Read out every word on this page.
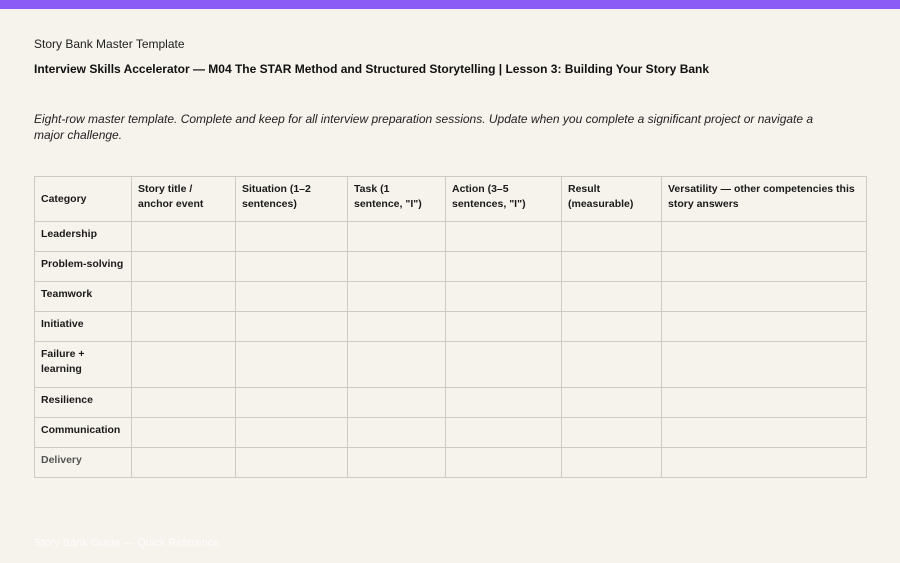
Story Bank Master Template
Interview Skills Accelerator — M04 The STAR Method and Structured Storytelling | Lesson 3: Building Your Story Bank
Eight-row master template. Complete and keep for all interview preparation sessions. Update when you complete a significant project or navigate a major challenge.
Category	Story title / anchor event	Situation (1–2 sentences)	Task (1 sentence, "I")	Action (3–5 sentences, "I")	Result (measurable)	Versatility — other competencies this story answers
Leadership						
Problem-solving						
Teamwork						
Initiative						
Failure + learning						
Resilience						
Communication						
Delivery						
Story Bank Guide — Quick Reference
